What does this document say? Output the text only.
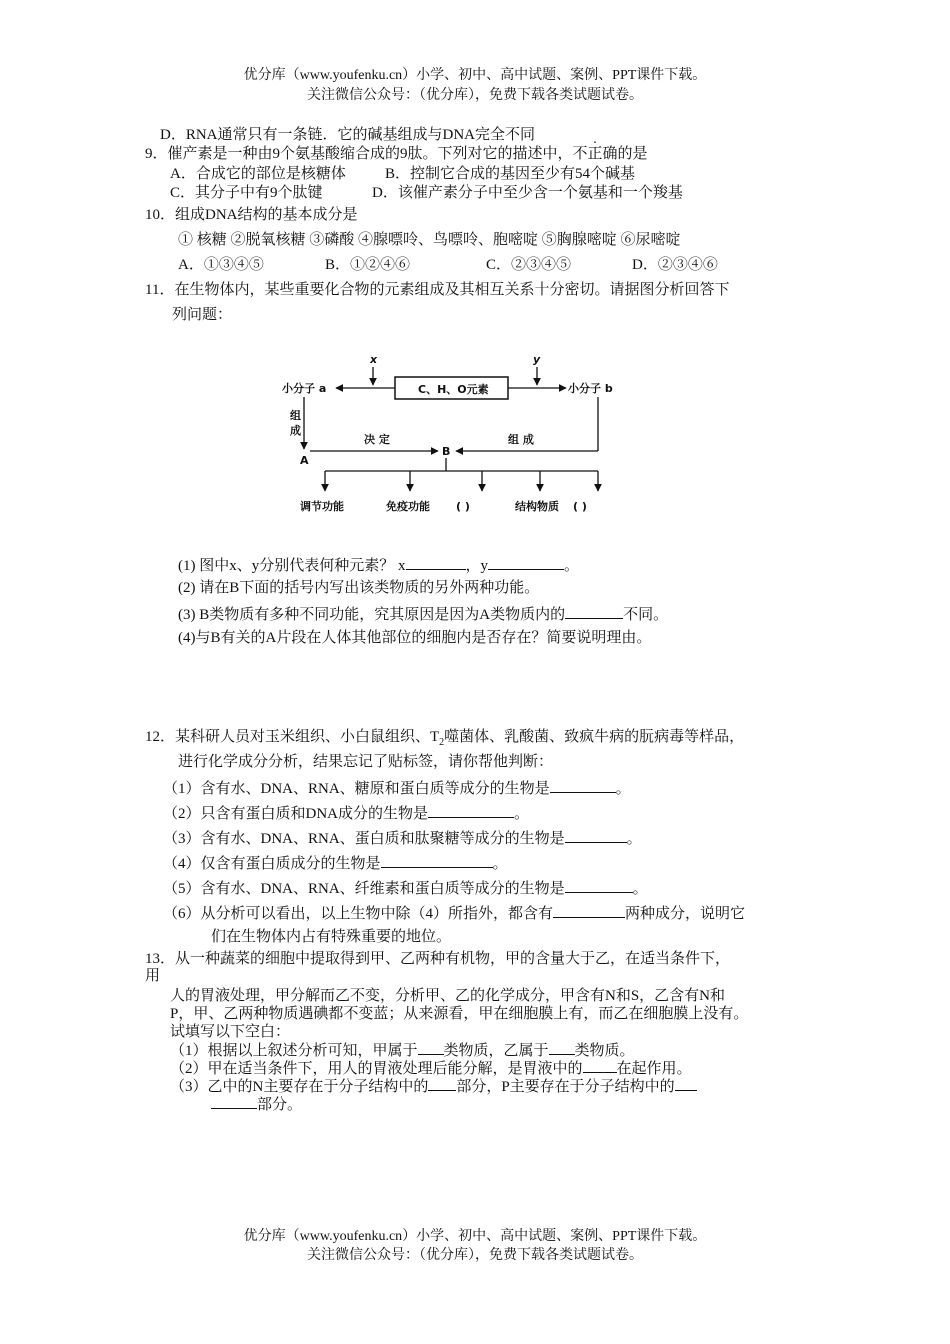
优分库（www.youfenku.cn）小学、初中、高中试题、案例、PPT课件下载。
关注微信公众号：（优分库），免费下载各类试题试卷。
D．RNA通常只有一条链．它的碱基组成与DNA完全不同
9．催产素是一种由9个氨基酸缩合成的9肽。下列对它的描述中，不正确的是
A．合成它的部位是核糖体	B．控制它合成的基因至少有54个碱基
C．其分子中有9个肽键	D．该催产素分子中至少含一个氨基和一个羧基
10．组成DNA结构的基本成分是
① 核糖 ②脱氧核糖 ③磷酸 ④腺嘌呤、鸟嘌呤、胞嘧啶 ⑤胸腺嘧啶 ⑥尿嘧啶
A．①③④⑤	B．①②④⑥	C．②③④⑤	D．②③④⑥
11．在生物体内，某些重要化合物的元素组成及其相互关系十分密切。请据图分析回答下
列问题：
C、H、O元素
x	y
小分子 a	小分子 b
组
成
A
决 定
B
组 成
调节功能	免疫功能 ( )	结构物质 ( )
(1) 图中x、y分别代表何种元素？ x	，y	。
(2) 请在B下面的括号内写出该类物质的另外两种功能。
(3) B类物质有多种不同功能，究其原因是因为A类物质内的	不同。
(4)与B有关的A片段在人体其他部位的细胞内是否存在？简要说明理由。
12．某科研人员对玉米组织、小白鼠组织、$T_2$噬菌体、乳酸菌、致疯牛病的朊病毒等样品，
进行化学成分分析，结果忘记了贴标签，请你帮他判断：
（1）含有水、DNA、RNA、糖原和蛋白质等成分的生物是	。
（2）只含有蛋白质和DNA成分的生物是	。
（3）含有水、DNA、RNA、蛋白质和肽聚糖等成分的生物是	。
（4）仅含有蛋白质成分的生物是	。
（5）含有水、DNA、RNA、纤维素和蛋白质等成分的生物是	。
（6）从分析可以看出，以上生物中除（4）所指外，都含有	两种成分，说明它
们在生物体内占有特殊重要的地位。
13．从一种蔬菜的细胞中提取得到甲、乙两种有机物，甲的含量大于乙，在适当条件下，
用
人的胃液处理，甲分解而乙不变，分析甲、乙的化学成分，甲含有N和S，乙含有N和
P，甲、乙两种物质遇碘都不变蓝；从来源看，甲在细胞膜上有，而乙在细胞膜上没有。
试填写以下空白：
（1）根据以上叙述分析可知，甲属于 类物质，乙属于 类物质。
（2）甲在适当条件下，用人的胃液处理后能分解，是胃液中的 在起作用。
（3）乙中的N主要存在于分子结构中的 部分，P主要存在于分子结构中的
部分。
优分库（www.youfenku.cn）小学、初中、高中试题、案例、PPT课件下载。
关注微信公众号：（优分库），免费下载各类试题试卷。
